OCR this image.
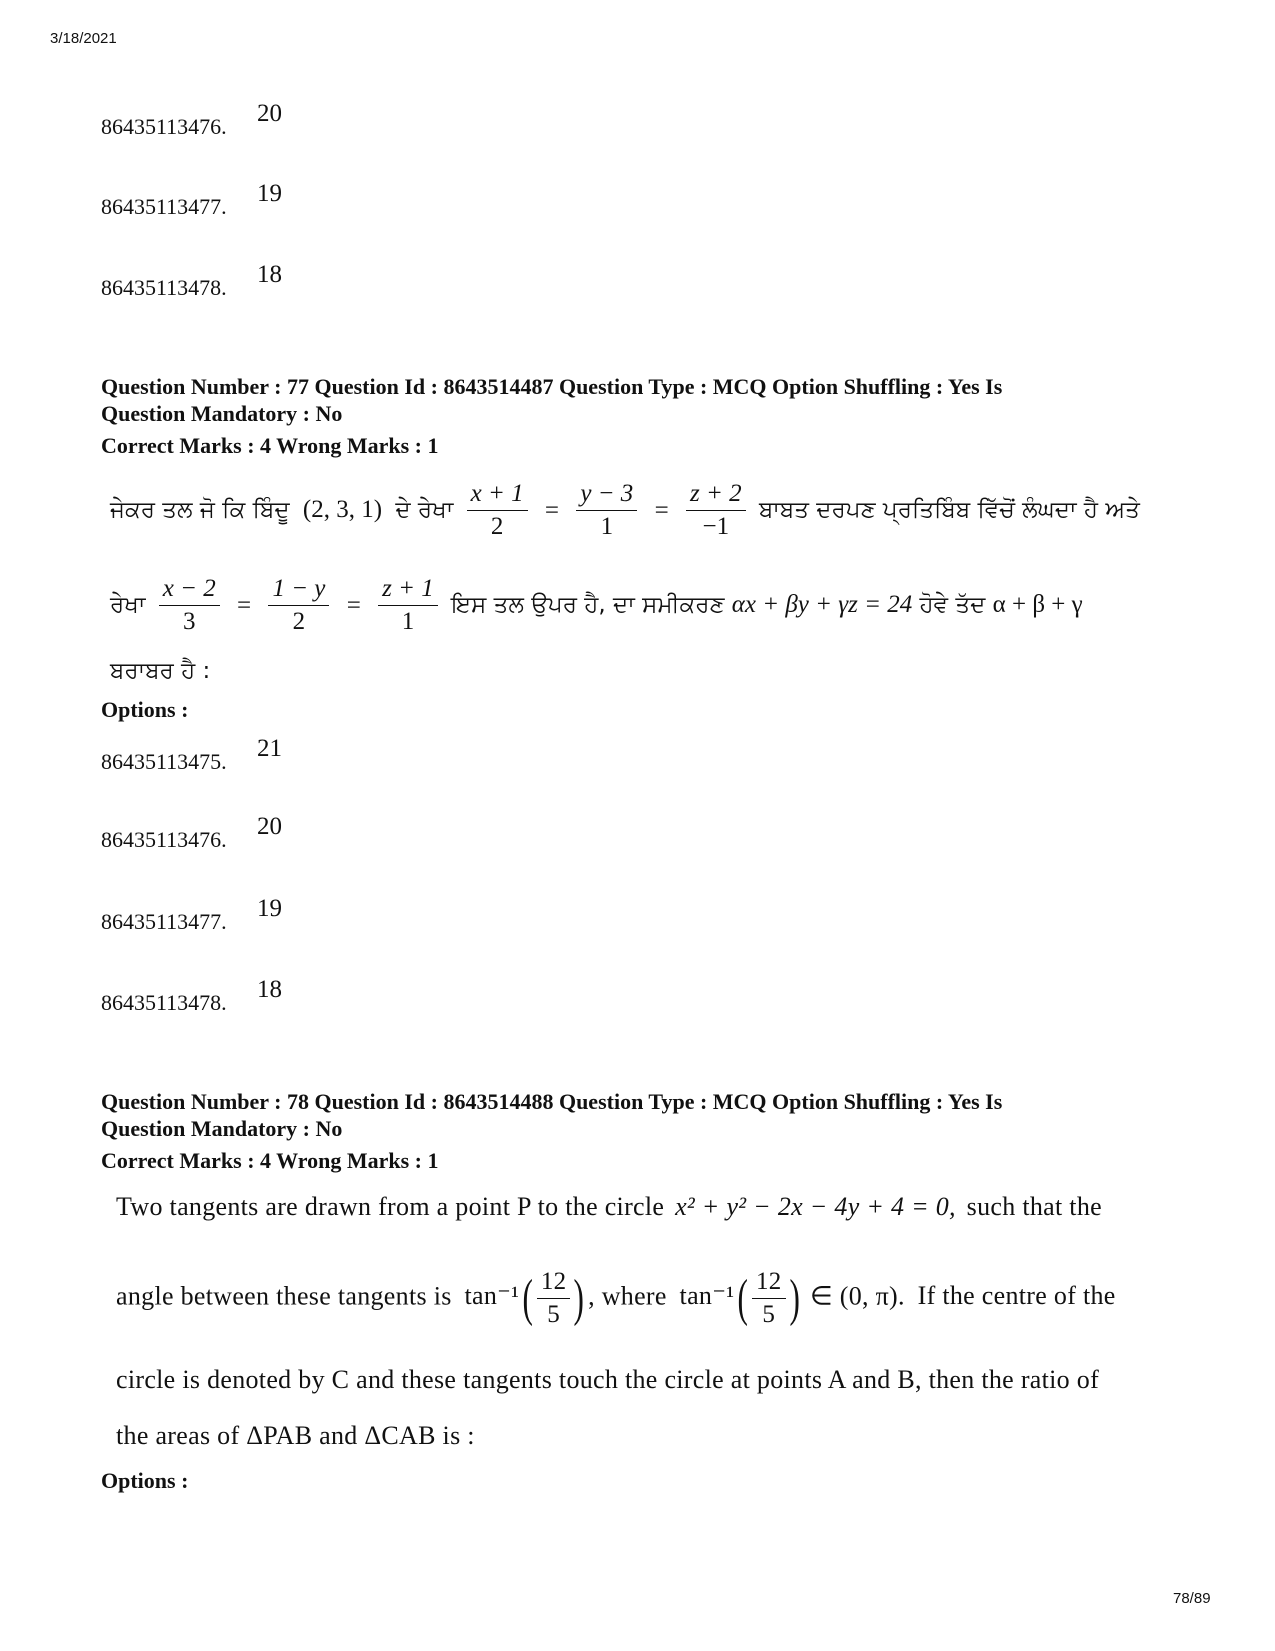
3/18/2021
86435113476. 20
86435113477. 19
86435113478. 18
Question Number : 77 Question Id : 8643514487 Question Type : MCQ Option Shuffling : Yes Is
Question Mandatory : No
Correct Marks : 4 Wrong Marks : 1
ਜੇਕਰ ਤਲ ਜੋ ਕਿ ਬਿੰਦੂ (2, 3, 1) ਦੇ ਰੇਖਾ $\frac{x + 1}{2} = \frac{y - 3}{1} = \frac{z + 2}{-1}$ ਬਾਬਤ ਦਰਪਣ ਪ੍ਰਤਿਬਿੰਬ ਵਿੱਚੋਂ ਲੰਘਦਾ ਹੈ ਅਤੇ
ਰੇਖਾ $\frac{x - 2}{3} = \frac{1 - y}{2} = \frac{z + 1}{1}$ ਇਸ ਤਲ ਉਪਰ ਹੈ, ਦਾ ਸਮੀਕਰਣ αx + βy + γz = 24 ਹੋਵੇ ਤੱਦ α + β + γ
ਬਰਾਬਰ ਹੈ :
Options :
86435113475. 21
86435113476. 20
86435113477. 19
86435113478. 18
Question Number : 78 Question Id : 8643514488 Question Type : MCQ Option Shuffling : Yes Is
Question Mandatory : No
Correct Marks : 4 Wrong Marks : 1
Two tangents are drawn from a point P to the circle x² + y² − 2x − 4y + 4 = 0, such that the
angle between these tangents is tan⁻¹ ( $\frac{12}{5}$ ) , where tan⁻¹ ( $\frac{12}{5}$ ) ∈ (0, π). If the centre of the
circle is denoted by C and these tangents touch the circle at points A and B, then the ratio of
the areas of ΔPAB and ΔCAB is :
Options :
78/89
